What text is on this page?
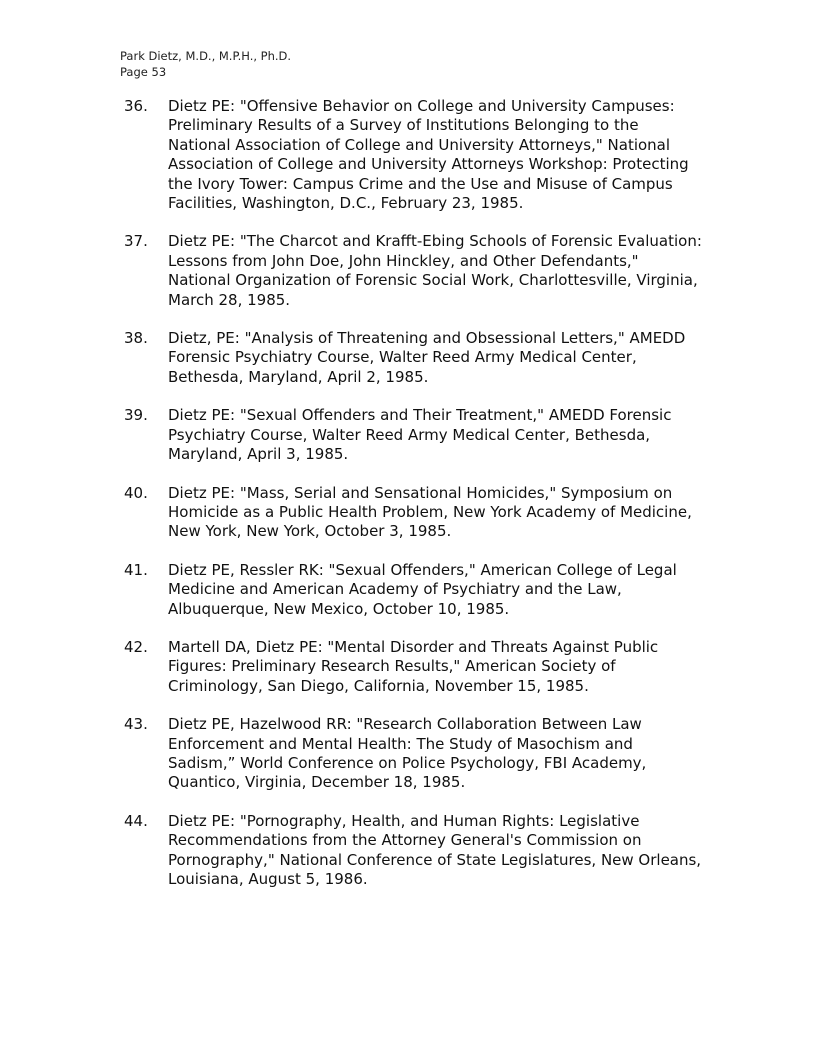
Park Dietz, M.D., M.P.H., Ph.D.
Page 53
36.	Dietz PE: "Offensive Behavior on College and University Campuses: Preliminary Results of a Survey of Institutions Belonging to the National Association of College and University Attorneys," National Association of College and University Attorneys Workshop: Protecting the Ivory Tower: Campus Crime and the Use and Misuse of Campus Facilities, Washington, D.C., February 23, 1985.
37.	Dietz PE: "The Charcot and Krafft-Ebing Schools of Forensic Evaluation: Lessons from John Doe, John Hinckley, and Other Defendants," National Organization of Forensic Social Work, Charlottesville, Virginia, March 28, 1985.
38.	Dietz, PE: "Analysis of Threatening and Obsessional Letters," AMEDD Forensic Psychiatry Course, Walter Reed Army Medical Center, Bethesda, Maryland, April 2, 1985.
39.	Dietz PE: "Sexual Offenders and Their Treatment," AMEDD Forensic Psychiatry Course, Walter Reed Army Medical Center, Bethesda, Maryland, April 3, 1985.
40.	Dietz PE: "Mass, Serial and Sensational Homicides," Symposium on Homicide as a Public Health Problem, New York Academy of Medicine, New York, New York, October 3, 1985.
41.	Dietz PE, Ressler RK: "Sexual Offenders," American College of Legal Medicine and American Academy of Psychiatry and the Law, Albuquerque, New Mexico, October 10, 1985.
42.	Martell DA, Dietz PE: "Mental Disorder and Threats Against Public Figures: Preliminary Research Results," American Society of Criminology, San Diego, California, November 15, 1985.
43.	Dietz PE, Hazelwood RR: "Research Collaboration Between Law Enforcement and Mental Health: The Study of Masochism and Sadism,” World Conference on Police Psychology, FBI Academy, Quantico, Virginia, December 18, 1985.
44.	Dietz PE: "Pornography, Health, and Human Rights: Legislative Recommendations from the Attorney General's Commission on Pornography," National Conference of State Legislatures, New Orleans, Louisiana, August 5, 1986.
